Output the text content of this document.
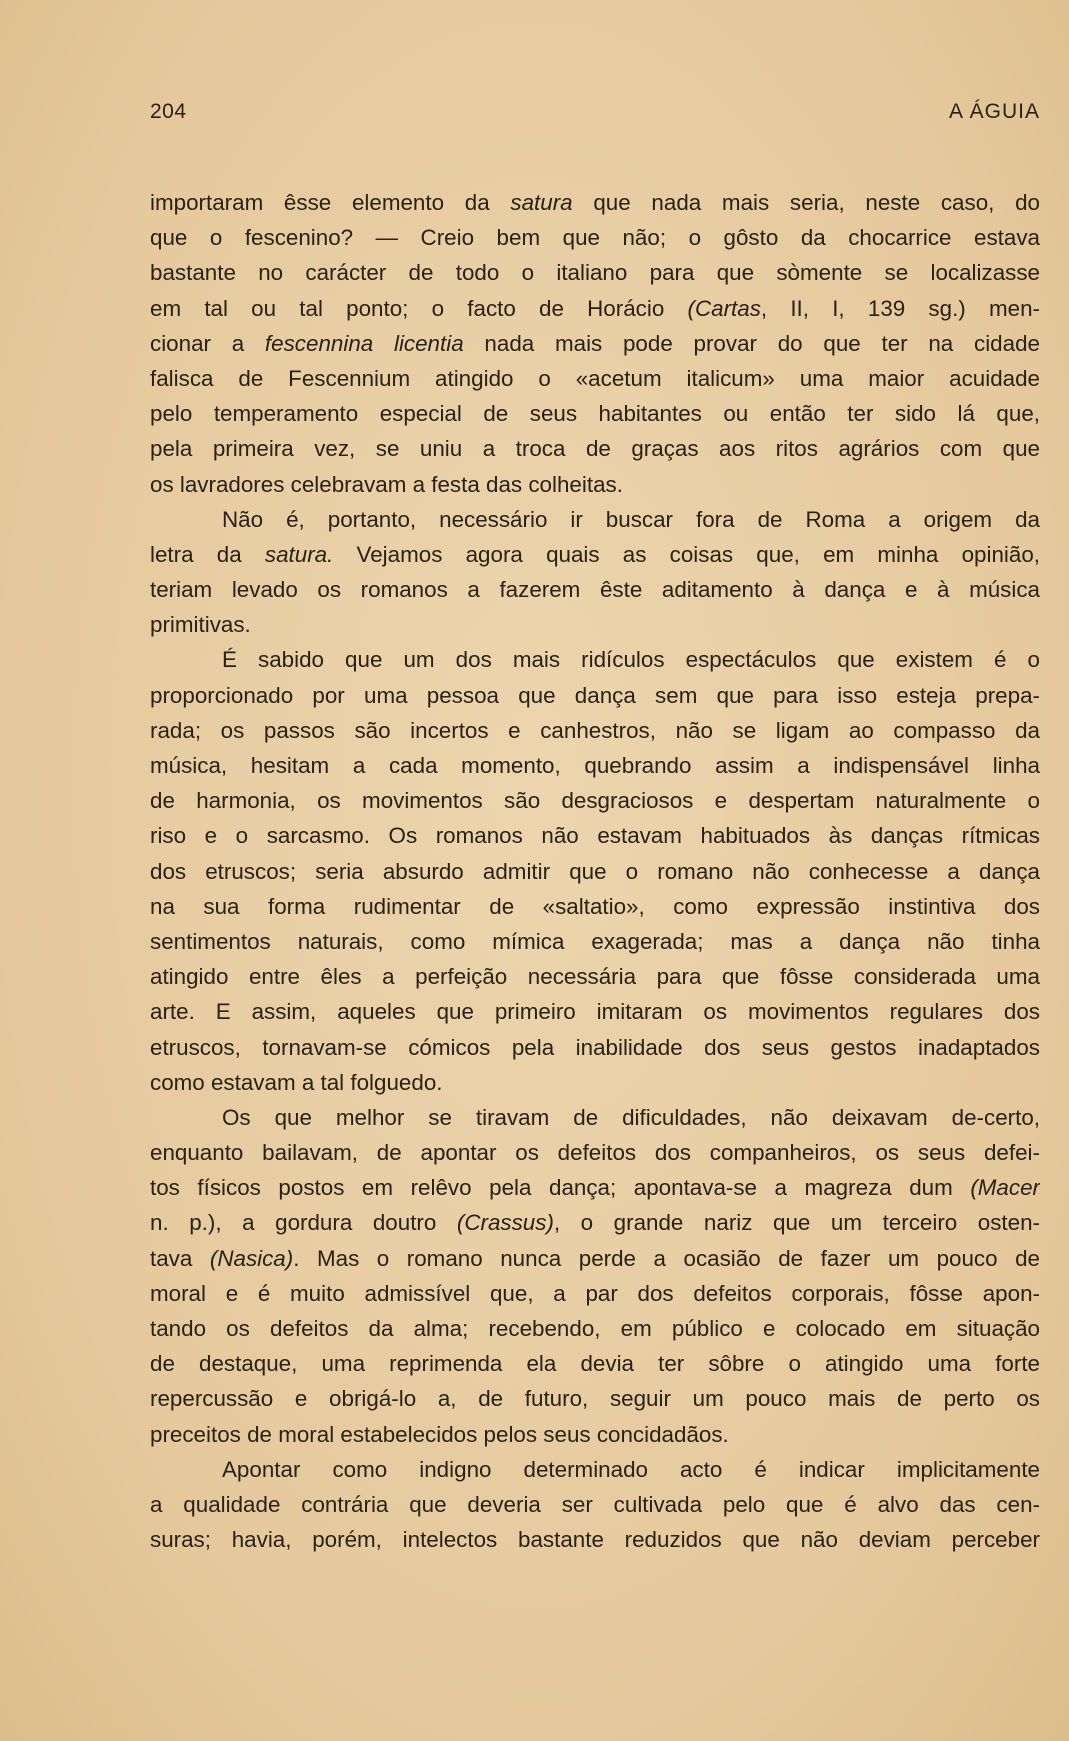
204	A ÁGUIA
importaram êsse elemento da satura que nada mais seria, neste caso, do
que o fescenino? — Creio bem que não; o gôsto da chocarrice estava
bastante no carácter de todo o italiano para que sòmente se localizasse
em tal ou tal ponto; o facto de Horácio (Cartas, II, I, 139 sg.) men-
cionar a fescennina licentia nada mais pode provar do que ter na cidade
falisca de Fescennium atingido o «acetum italicum» uma maior acuidade
pelo temperamento especial de seus habitantes ou então ter sido lá que,
pela primeira vez, se uniu a troca de graças aos ritos agrários com que
os lavradores celebravam a festa das colheitas.
Não é, portanto, necessário ir buscar fora de Roma a origem da
letra da satura. Vejamos agora quais as coisas que, em minha opinião,
teriam levado os romanos a fazerem êste aditamento à dança e à música
primitivas.
É sabido que um dos mais ridículos espectáculos que existem é o
proporcionado por uma pessoa que dança sem que para isso esteja prepa-
rada; os passos são incertos e canhestros, não se ligam ao compasso da
música, hesitam a cada momento, quebrando assim a indispensável linha
de harmonia, os movimentos são desgraciosos e despertam naturalmente o
riso e o sarcasmo. Os romanos não estavam habituados às danças rítmicas
dos etruscos; seria absurdo admitir que o romano não conhecesse a dança
na sua forma rudimentar de «saltatio», como expressão instintiva dos
sentimentos naturais, como mímica exagerada; mas a dança não tinha
atingido entre êles a perfeição necessária para que fôsse considerada uma
arte. E assim, aqueles que primeiro imitaram os movimentos regulares dos
etruscos, tornavam-se cómicos pela inabilidade dos seus gestos inadaptados
como estavam a tal folguedo.
Os que melhor se tiravam de dificuldades, não deixavam de-certo,
enquanto bailavam, de apontar os defeitos dos companheiros, os seus defei-
tos físicos postos em relêvo pela dança; apontava-se a magreza dum (Macer
n. p.), a gordura doutro (Crassus), o grande nariz que um terceiro osten-
tava (Nasica). Mas o romano nunca perde a ocasião de fazer um pouco de
moral e é muito admissível que, a par dos defeitos corporais, fôsse apon-
tando os defeitos da alma; recebendo, em público e colocado em situação
de destaque, uma reprimenda ela devia ter sôbre o atingido uma forte
repercussão e obrigá-lo a, de futuro, seguir um pouco mais de perto os
preceitos de moral estabelecidos pelos seus concidadãos.
Apontar como indigno determinado acto é indicar implicitamente
a qualidade contrária que deveria ser cultivada pelo que é alvo das cen-
suras; havia, porém, intelectos bastante reduzidos que não deviam perceber
